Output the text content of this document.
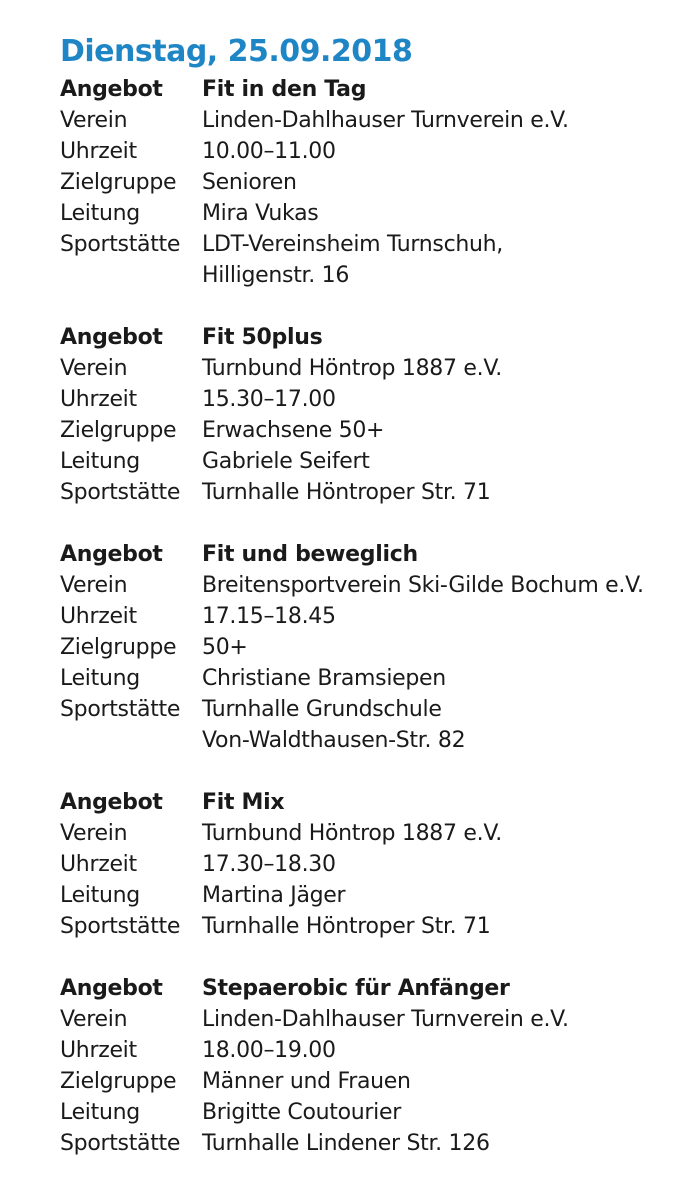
Dienstag, 25.09.2018
Angebot	Fit in den Tag
Verein	Linden-Dahlhauser Turnverein e.V.
Uhrzeit	10.00–11.00
Zielgruppe	Senioren
Leitung	Mira Vukas
Sportstätte LDT-Vereinsheim Turnschuh,
Hilligenstr. 16
Angebot	Fit 50plus
Verein	Turnbund Höntrop 1887 e.V.
Uhrzeit	15.30–17.00
Zielgruppe	Erwachsene 50+
Leitung	Gabriele Seifert
Sportstätte Turnhalle Höntroper Str. 71
Angebot	Fit und beweglich
Verein	Breitensportverein Ski-Gilde Bochum e.V.
Uhrzeit	17.15–18.45
Zielgruppe	50+
Leitung	Christiane Bramsiepen
Sportstätte Turnhalle Grundschule
Von-Waldthausen-Str. 82
Angebot	Fit Mix
Verein	Turnbund Höntrop 1887 e.V.
Uhrzeit	17.30–18.30
Leitung	Martina Jäger
Sportstätte Turnhalle Höntroper Str. 71
Angebot	Stepaerobic für Anfänger
Verein	Linden-Dahlhauser Turnverein e.V.
Uhrzeit	18.00–19.00
Zielgruppe	Männer und Frauen
Leitung	Brigitte Coutourier
Sportstätte Turnhalle Lindener Str. 126
